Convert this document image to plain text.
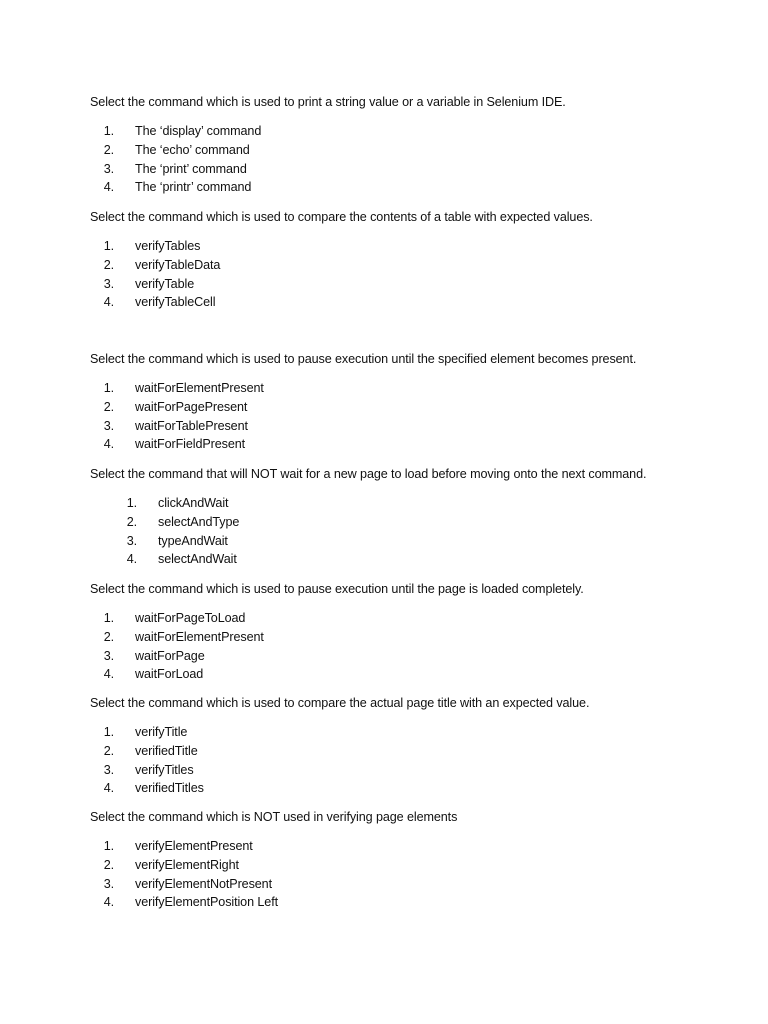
Select the command which is used to print a string value or a variable in Selenium IDE.

1. The ‘display’ command
2. The ‘echo’ command
3. The ‘print’ command
4. The ‘printr’ command

Select the command which is used to compare the contents of a table with expected values.

1. verifyTables
2. verifyTableData
3. verifyTable
4. verifyTableCell

Select the command which is used to pause execution until the specified element becomes present.

1. waitForElementPresent
2. waitForPagePresent
3. waitForTablePresent
4. waitForFieldPresent

Select the command that will NOT wait for a new page to load before moving onto the next command.

1. clickAndWait
2. selectAndType
3. typeAndWait
4. selectAndWait

Select the command which is used to pause execution until the page is loaded completely.

1. waitForPageToLoad
2. waitForElementPresent
3. waitForPage
4. waitForLoad

Select the command which is used to compare the actual page title with an expected value.

1. verifyTitle
2. verifiedTitle
3. verifyTitles
4. verifiedTitles

Select the command which is NOT used in verifying page elements

1. verifyElementPresent
2. verifyElementRight
3. verifyElementNotPresent
4. verifyElementPosition Left
